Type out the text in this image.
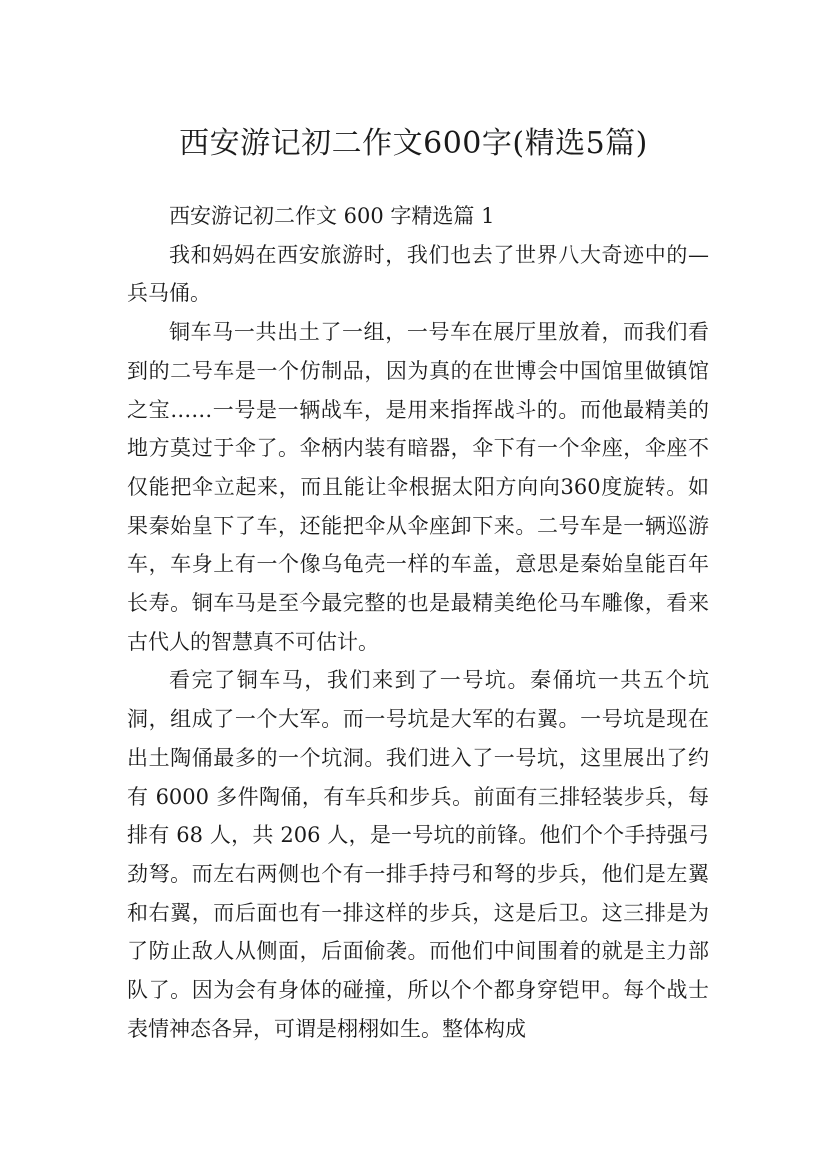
西安游记初二作文600字(精选5篇)

西安游记初二作文 600 字精选篇 1

我和妈妈在西安旅游时，我们也去了世界八大奇迹中的—兵马俑。

铜车马一共出土了一组，一号车在展厅里放着，而我们看到的二号车是一个仿制品，因为真的在世博会中国馆里做镇馆之宝……一号是一辆战车，是用来指挥战斗的。而他最精美的地方莫过于伞了。伞柄内装有暗器，伞下有一个伞座，伞座不仅能把伞立起来，而且能让伞根据太阳方向向360度旋转。如果秦始皇下了车，还能把伞从伞座卸下来。二号车是一辆巡游车，车身上有一个像乌龟壳一样的车盖，意思是秦始皇能百年长寿。铜车马是至今最完整的也是最精美绝伦马车雕像，看来古代人的智慧真不可估计。

看完了铜车马，我们来到了一号坑。秦俑坑一共五个坑洞，组成了一个大军。而一号坑是大军的右翼。一号坑是现在出土陶俑最多的一个坑洞。我们进入了一号坑，这里展出了约有 6000 多件陶俑，有车兵和步兵。前面有三排轻装步兵，每排有 68 人，共 206 人，是一号坑的前锋。他们个个手持强弓劲弩。而左右两侧也个有一排手持弓和弩的步兵，他们是左翼和右翼，而后面也有一排这样的步兵，这是后卫。这三排是为了防止敌人从侧面，后面偷袭。而他们中间围着的就是主力部队了。因为会有身体的碰撞，所以个个都身穿铠甲。每个战士表情神态各异，可谓是栩栩如生。整体构成
